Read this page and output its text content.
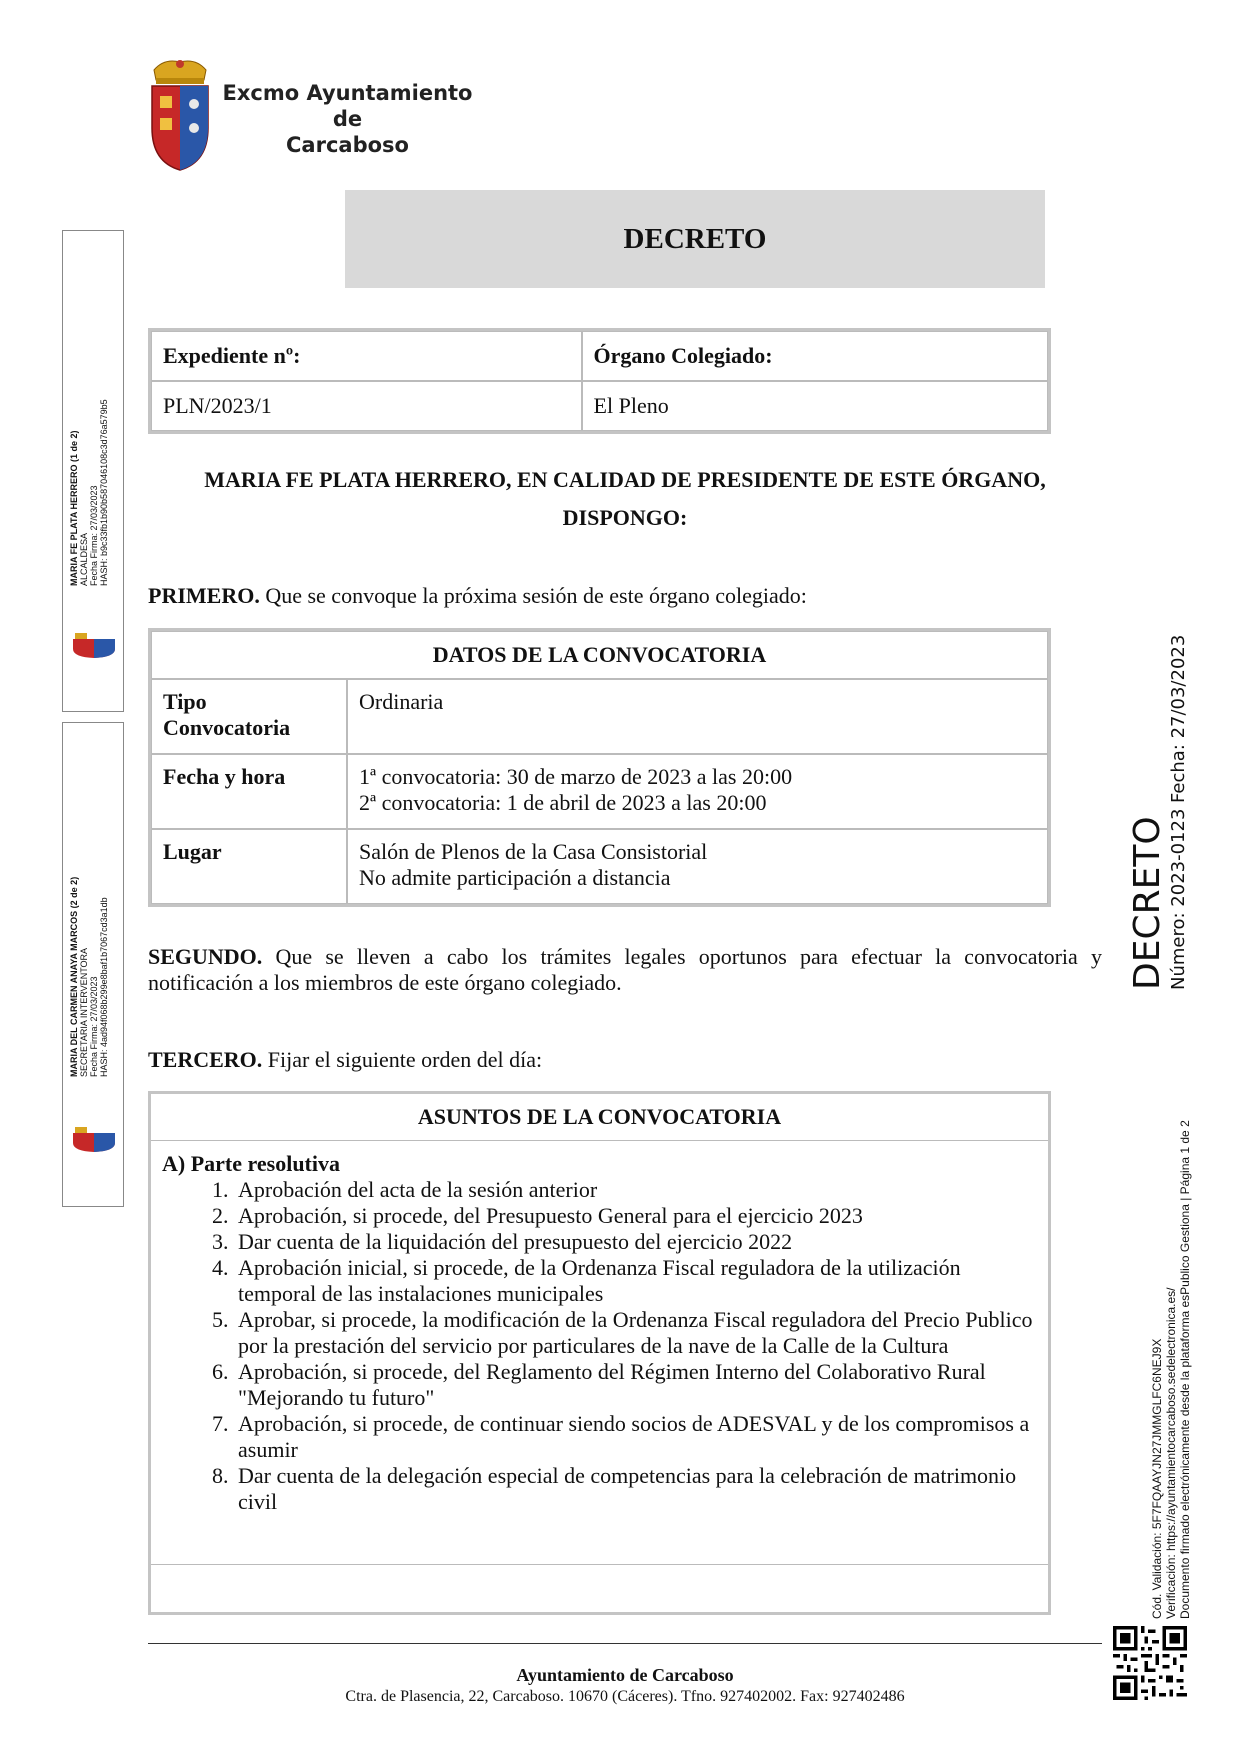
Excmo Ayuntamiento
de
Carcaboso
DECRETO
Expediente nº:	Órgano Colegiado:
PLN/2023/1	El Pleno
MARIA FE PLATA HERRERO, EN CALIDAD DE PRESIDENTE DE ESTE ÓRGANO,
DISPONGO:
PRIMERO. Que se convoque la próxima sesión de este órgano colegiado:
DATOS DE LA CONVOCATORIA	
Tipo Convocatoria	Ordinaria

Fecha y hora	1ª convocatoria: 30 de marzo de 2023 a las 20:00
2ª convocatoria: 1 de abril de 2023 a las 20:00

Lugar	Salón de Plenos de la Casa Consistorial
No admite participación a distancia
SEGUNDO. Que se lleven a cabo los trámites legales oportunos para efectuar la convocatoria y notificación a los miembros de este órgano colegiado.
TERCERO. Fijar el siguiente orden del día:
ASUNTOS DE LA CONVOCATORIA
A) Parte resolutiva
1. Aprobación del acta de la sesión anterior
2. Aprobación, si procede, del Presupuesto General para el ejercicio 2023
3. Dar cuenta de la liquidación del presupuesto del ejercicio 2022
4. Aprobación inicial, si procede, de la Ordenanza Fiscal reguladora de la utilización temporal de las instalaciones municipales
5. Aprobar, si procede, la modificación de la Ordenanza Fiscal reguladora del Precio Publico por la prestación del servicio por particulares de la nave de la Calle de la Cultura
6. Aprobación, si procede, del Reglamento del Régimen Interno del Colaborativo Rural "Mejorando tu futuro"
7. Aprobación, si procede, de continuar siendo socios de ADESVAL y de los compromisos a asumir
8. Dar cuenta de la delegación especial de competencias para la celebración de matrimonio civil
Ayuntamiento de Carcaboso
Ctra. de Plasencia, 22, Carcaboso. 10670 (Cáceres). Tfno. 927402002. Fax: 927402486
MARIA FE PLATA HERRERO (1 de 2) ALCALDESA Fecha Firma: 27/03/2023 HASH: b9c33fb1b90b587046108c3d76a579b5
MARIA DEL CARMEN ANAYA MARCOS (2 de 2) SECRETARIA INTERVENTORA Fecha Firma: 27/03/2023 HASH: 4ad94f068b299e8baf1b7067cd3a1db	DECRETO Número: 2023-0123
Fecha: 27/03/2023
Cód. Validación: 5F7FQAAYJN27JMMGLFC6NEJ9X Verificación: https://ayuntamientocarcaboso.sedelectronica.es/ Documento firmado electrónicamente desde la plataforma esPublico Gestiona | Página 1 de 2
